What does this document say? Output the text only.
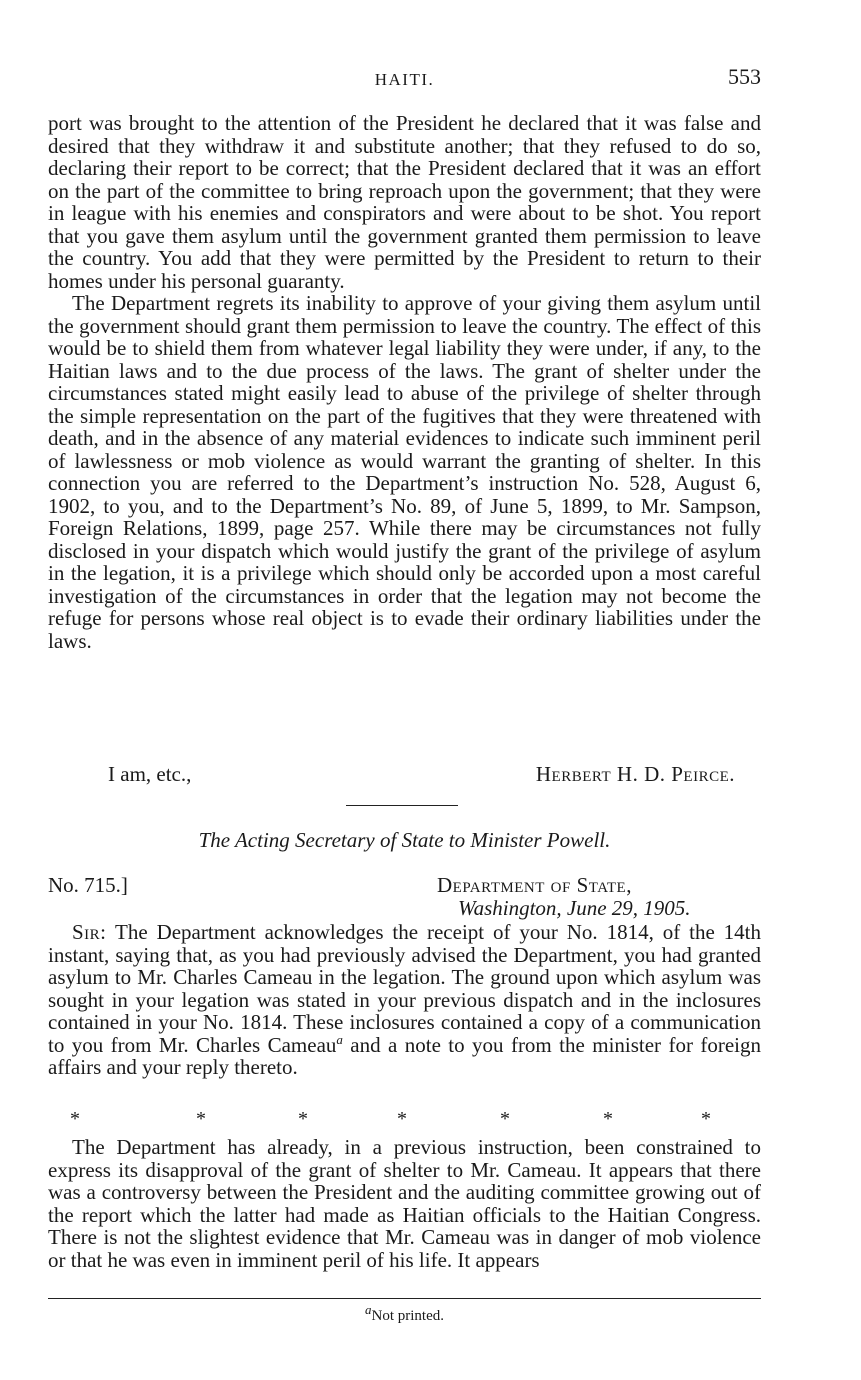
HAITI.	553

port was brought to the attention of the President he declared that it was false and desired that they withdraw it and substitute another; that they refused to do so, declaring their report to be correct; that the President declared that it was an effort on the part of the committee to bring reproach upon the government; that they were in league with his enemies and conspirators and were about to be shot. You report that you gave them asylum until the government granted them permission to leave the country. You add that they were permitted by the President to return to their homes under his personal guaranty.

The Department regrets its inability to approve of your giving them asylum until the government should grant them permission to leave the country. The effect of this would be to shield them from whatever legal liability they were under, if any, to the Haitian laws and to the due process of the laws. The grant of shelter under the circumstances stated might easily lead to abuse of the privilege of shelter through the simple representation on the part of the fugitives that they were threatened with death, and in the absence of any material evidences to indicate such imminent peril of lawlessness or mob violence as would warrant the granting of shelter. In this connection you are referred to the Department’s instruction No. 528, August 6, 1902, to you, and to the Department’s No. 89, of June 5, 1899, to Mr. Sampson, Foreign Relations, 1899, page 257. While there may be circumstances not fully disclosed in your dispatch which would justify the grant of the privilege of asylum in the legation, it is a privilege which should only be accorded upon a most careful investigation of the circumstances in order that the legation may not become the refuge for persons whose real object is to evade their ordinary liabilities under the laws.

I am, etc.,	Herbert H. D. Peirce.
The Acting Secretary of State to Minister Powell.
No. 715.]	Department of State,
Washington, June 29, 1905.

Sir: The Department acknowledges the receipt of your No. 1814, of the 14th instant, saying that, as you had previously advised the Department, you had granted asylum to Mr. Charles Cameau in the legation. The ground upon which asylum was sought in your legation was stated in your previous dispatch and in the inclosures contained in your No. 1814. These inclosures contained a copy of a communication to you from Mr. Charles Cameau$^a$ and a note to you from the minister for foreign affairs and your reply thereto.

*	*	*	*	*	*	*

The Department has already, in a previous instruction, been constrained to express its disapproval of the grant of shelter to Mr. Cameau. It appears that there was a controversy between the President and the auditing committee growing out of the report which the latter had made as Haitian officials to the Haitian Congress. There is not the slightest evidence that Mr. Cameau was in danger of mob violence or that he was even in imminent peril of his life. It appears

aNot printed.
